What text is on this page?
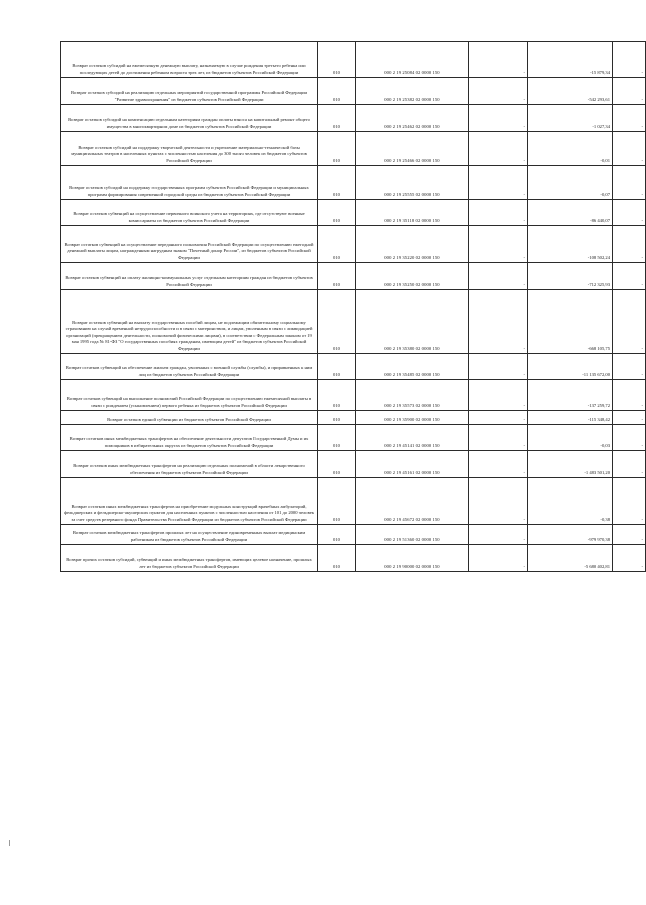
Возврат остатков субсидий на ежемесячную денежную выплату, назначаемую в случае рождения третьего ребенка или последующих детей до достижения ребенком возраста трех лет, из бюджетов субъектов Российской Федерации	010	000 2 19 25084 02 0000 150	-	-15 879,34	-
Возврат остатков субсидий на реализацию отдельных мероприятий государственной программы Российской Федерации "Развитие здравоохранения" из бюджетов субъектов Российской Федерации	010	000 2 19 25382 02 0000 150	-	-542 293,61	-
Возврат остатков субсидий на компенсацию отдельным категориям граждан оплаты взноса на капитальный ремонт общего имущества в многоквартирном доме из бюджетов субъектов Российской Федерации	010	000 2 19 25462 02 0000 150	-	-1 027,34	-
Возврат остатков субсидий на поддержку творческой деятельности и укрепление материально-технической базы муниципальных театров в населенных пунктах с численностью населения до 300 тысяч человек из бюджетов субъектов Российской Федерации	010	000 2 19 25466 02 0000 150	-	-0,01	-
Возврат остатков субсидий на поддержку государственных программ субъектов Российской Федерации и муниципальных программ формирования современной городской среды из бюджетов субъектов Российской Федерации	010	000 2 19 25555 02 0000 150	-	-0,07	-
Возврат остатков субвенций на осуществление первичного воинского учета на территориях, где отсутствуют военные комиссариаты из бюджетов субъектов Российской Федерации	010	000 2 19 35118 02 0000 150	-	-86 440,07	-
Возврат остатков субвенций на осуществление переданного полномочия Российской Федерации по осуществлению ежегодной денежной выплаты лицам, награжденным нагрудным знаком "Почетный донор России", из бюджетов субъектов Российской Федерации	010	000 2 19 35220 02 0000 150	-	-108 502,24	-
Возврат остатков субвенций на оплату жилищно-коммунальных услуг отдельным категориям граждан из бюджетов субъектов Российской Федерации	010	000 2 19 35250 02 0000 150	-	-712 325,93	-
Возврат остатков субвенций на выплату государственных пособий лицам, не подлежащим обязательному социальному страхованию на случай временной нетрудоспособности и в связи с материнством, и лицам, уволенным в связи с ликвидацией организаций (прекращением деятельности, полномочий физическими лицами), в соответствии с Федеральным законом от 19 мая 1995 года № 81-ФЗ "О государственных пособиях гражданам, имеющим детей" из бюджетов субъектов Российской Федерации	010	000 2 19 35380 02 0000 150	-	-668 105,75	-
Возврат остатков субвенций на обеспечение жильем граждан, уволенных с военной службы (службы), и приравненных к ним лиц из бюджетов субъектов Российской Федерации	010	000 2 19 35485 02 0000 150	-	-11 135 672,00	-
Возврат остатков субвенций на выполнение полномочий Российской Федерации по осуществлению ежемесячной выплаты в связи с рождением (усыновлением) первого ребенка из бюджетов субъектов Российской Федерации	010	000 2 19 35573 02 0000 150	-	-137 259,72	-
Возврат остатков единой субвенции из бюджетов субъектов Российской Федерации	010	000 2 19 35900 02 0000 150	-	-115 348,42	-
Возврат остатков иных межбюджетных трансфертов на обеспечение деятельности депутатов Государственной Думы и их помощников в избирательных округах из бюджетов субъектов Российской Федерации	010	000 2 19 45141 02 0000 150	-	-0,03	-
Возврат остатков иных межбюджетных трансфертов на реализацию отдельных полномочий в области лекарственного обеспечения из бюджетов субъектов Российской Федерации	010	000 2 19 45161 02 0000 150	-	-1 483 501,20	-
Возврат остатков иных межбюджетных трансфертов на приобретение модульных конструкций врачебных амбулаторий, фельдшерских и фельдшерско-акушерских пунктов для населенных пунктов с численностью населения от 101 до 2000 человек за счет средств резервного фонда Правительства Российской Федерации из бюджетов субъектов Российской Федерации	010	000 2 19 45672 02 0000 150	-	-0,38	-
Возврат остатков межбюджетных трансфертов прошлых лет на осуществление единовременных выплат медицинским работникам из бюджетов субъектов Российской Федерации	010	000 2 19 51360 02 0000 150	-	-979 970,38	-
Возврат прочих остатков субсидий, субвенций и иных межбюджетных трансфертов, имеющих целевое назначение, прошлых лет из бюджетов субъектов Российской Федерации	010	000 2 19 90000 02 0000 150	-	-5 680 402,81	-
